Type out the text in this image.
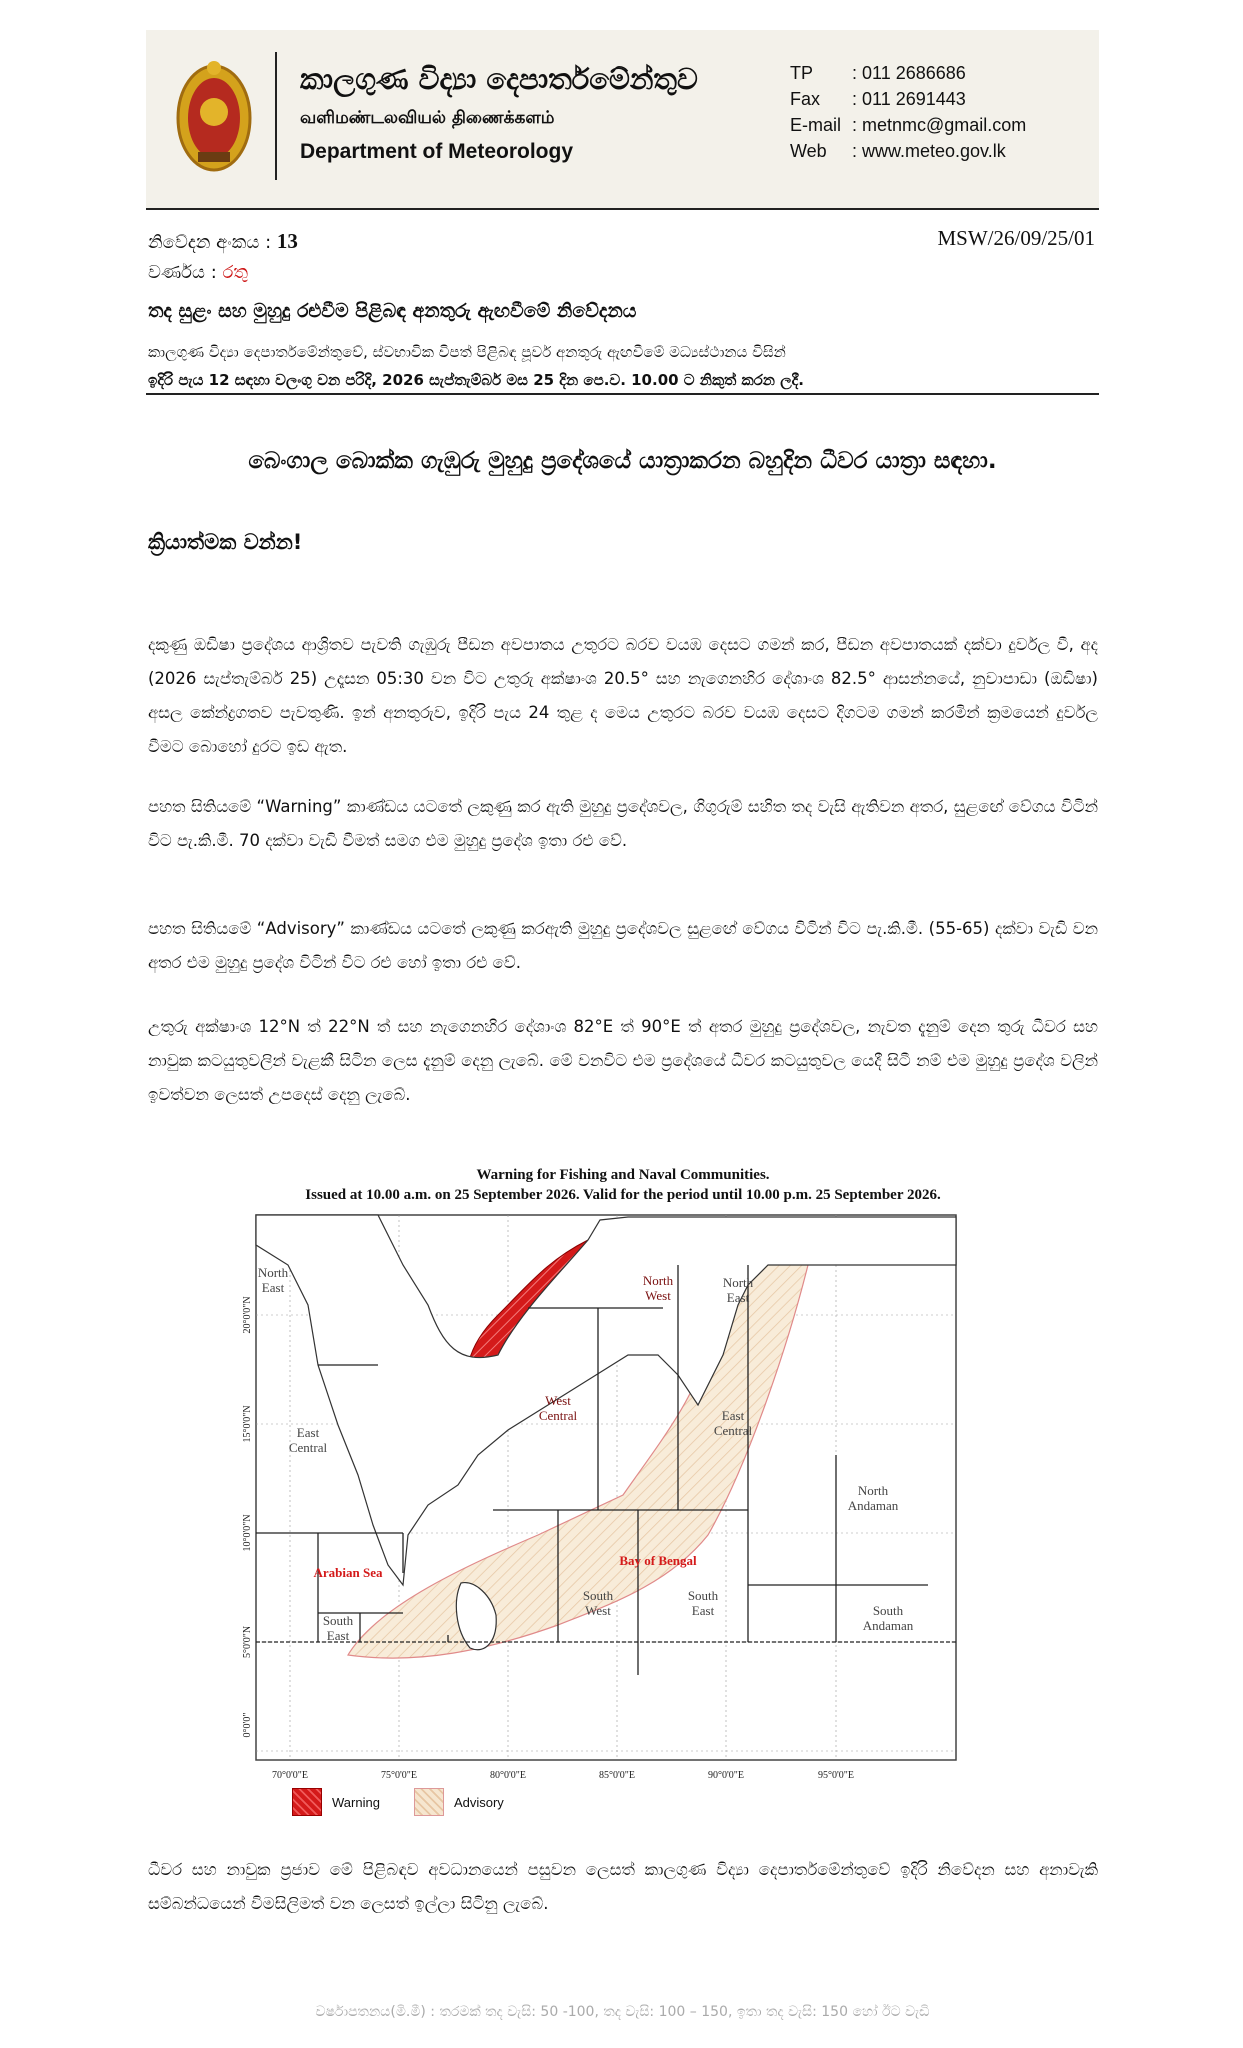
කාලගුණ විද්‍යා දෙපාර්තමේන්තුව
வளிமண்டலவியல் திணைக்களம்
Department of Meteorology
TP	: 011 2686686
Fax	: 011 2691443
E-mail : metnmc@gmail.com
Web	: www.meteo.gov.lk
නිවේදන අංකය : 13
වර්ණය : රතු
MSW/26/09/25/01
තද සුළං සහ මුහුදු රළුවීම පිළිබඳ අනතුරු ඇඟවීමේ නිවේදනය
කාලගුණ විද්‍යා දෙපාර්තමේන්තුවේ, ස්වභාවික විපත් පිළිබඳ පූර්ව අනතුරු ඇඟවීමේ මධ්‍යස්ථානය විසින්
ඉදිරි පැය 12 සඳහා වලංගු වන පරිදි, 2026 සැප්තැම්බර් මස 25 දින පෙ.ව. 10.00 ට නිකුත් කරන ලදී.
බෙංගාල බොක්ක ගැඹුරු මුහුදු ප්‍රදේශයේ යාත්‍රාකරන බහුදින ධීවර යාත්‍රා සඳහා.
ක්‍රියාත්මක වන්න!
දකුණු ඔඩිෂා ප්‍රදේශය ආශ්‍රිතව පැවති ගැඹුරු පීඩන අවපාතය උතුරට බරව වයඹ දෙසට ගමන් කර, පීඩන අවපාතයක් දක්වා දුර්වල වී, අද (2026 සැප්තැම්බර් 25) උදෑසන 05:30 වන විට උතුරු අක්ෂාංශ 20.5° සහ නැගෙනහිර දේශාංශ 82.5° ආසන්නයේ, නුවාපාඩා (ඔඩිෂා) අසල කේන්ද්‍රගතව පැවතුණි. ඉන් අනතුරුව, ඉදිරි පැය 24 තුළ ද මෙය උතුරට බරව වයඹ දෙසට දිගටම ගමන් කරමින් ක්‍රමයෙන් දුර්වල වීමට බොහෝ දුරට ඉඩ ඇත.
පහත සිතියමේ “Warning” කාණ්ඩය යටතේ ලකුණු කර ඇති මුහුදු ප්‍රදේශවල, ගිගුරුම් සහිත තද වැසි ඇතිවන අතර, සුළඟේ වේගය විටින් විට පැ.කි.මී. 70 දක්වා වැඩි වීමත් සමග එම මුහුදු ප්‍රදේශ ඉතා රළු වේ.
පහත සිතියමේ “Advisory” කාණ්ඩය යටතේ ලකුණු කරඇති මුහුදු ප්‍රදේශවල සුළඟේ වේගය විටින් විට පැ.කි.මී. (55-65) දක්වා වැඩි වන අතර එම මුහුදු ප්‍රදේශ විටින් විට රළු හෝ ඉතා රළු වේ.
උතුරු අක්ෂාංශ 12°N ත් 22°N ත් සහ නැගෙනහිර දේශාංශ 82°E ත් 90°E ත් අතර මුහුදු ප්‍රදේශවල, නැවත දැනුම් දෙන තුරු ධීවර සහ නාවුක කටයුතුවලින් වැළකී සිටින ලෙස දැනුම් දෙනු ලැබේ. මේ වනවිට එම ප්‍රදේශයේ ධීවර කටයුතුවල යෙදී සිටී නම් එම මුහුදු ප්‍රදේශ වලින් ඉවත්වන ලෙසත් උපදෙස් දෙනු ලැබේ.
Warning for Fishing and Naval Communities.
Issued at 10.00 a.m. on 25 September 2026. Valid for the period until 10.00 p.m. 25 September 2026.
North East
East Central
Arabian Sea
South East
Bay of Bengal
South West
South East
North East
East Central
North Andaman
South Andaman
North West
West Central
70°0'0"E	75°0'0"E	80°0'0"E	85°0'0"E	90°0'0"E	95°0'0"E
20°0'0"N
15°0'0"N
10°0'0"N
5°0'0"N
0°0'0"
Warning	Advisory
ධීවර සහ නාවුක ප්‍රජාව මේ පිළිබඳව අවධානයෙන් පසුවන ලෙසත් කාලගුණ විද්‍යා දෙපාර්තමේන්තුවේ ඉදිරි නිවේදන සහ අනාවැකි සම්බන්ධයෙන් විමසිලිමත් වන ලෙසත් ඉල්ලා සිටිනු ලැබේ.
වර්ෂාපතනය(මි.මී) : තරමක් තද වැසි: 50 -100, තද වැසි: 100 – 150, ඉතා තද වැසි: 150 හෝ ඊට වැඩි
